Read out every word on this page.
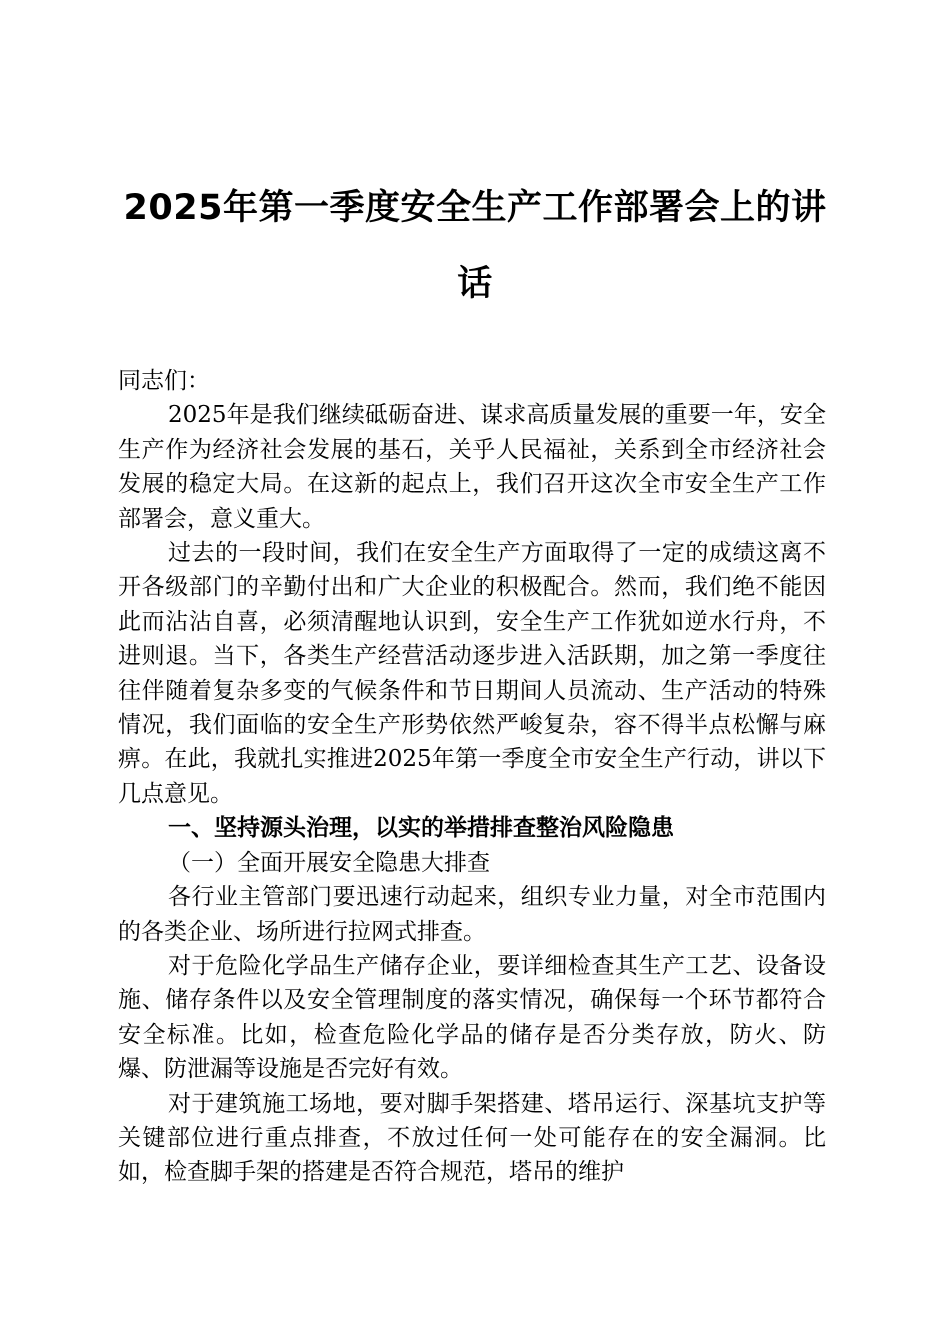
2025年第一季度安全生产工作部署会上的讲话

同志们：

2025年是我们继续砥砺奋进、谋求高质量发展的重要一年，安全生产作为经济社会发展的基石，关乎人民福祉，关系到全市经济社会发展的稳定大局。在这新的起点上，我们召开这次全市安全生产工作部署会，意义重大。

过去的一段时间，我们在安全生产方面取得了一定的成绩这离不开各级部门的辛勤付出和广大企业的积极配合。然而，我们绝不能因此而沾沾自喜，必须清醒地认识到，安全生产工作犹如逆水行舟，不进则退。当下，各类生产经营活动逐步进入活跃期，加之第一季度往往伴随着复杂多变的气候条件和节日期间人员流动、生产活动的特殊情况，我们面临的安全生产形势依然严峻复杂，容不得半点松懈与麻痹。在此，我就扎实推进2025年第一季度全市安全生产行动，讲以下几点意见。

一、坚持源头治理，以实的举措排查整治风险隐患

（一）全面开展安全隐患大排查

各行业主管部门要迅速行动起来，组织专业力量，对全市范围内的各类企业、场所进行拉网式排查。

对于危险化学品生产储存企业，要详细检查其生产工艺、设备设施、储存条件以及安全管理制度的落实情况，确保每一个环节都符合安全标准。比如，检查危险化学品的储存是否分类存放，防火、防爆、防泄漏等设施是否完好有效。

对于建筑施工场地，要对脚手架搭建、塔吊运行、深基坑支护等关键部位进行重点排查，不放过任何一处可能存在的安全漏洞。比如，检查脚手架的搭建是否符合规范，塔吊的维护
